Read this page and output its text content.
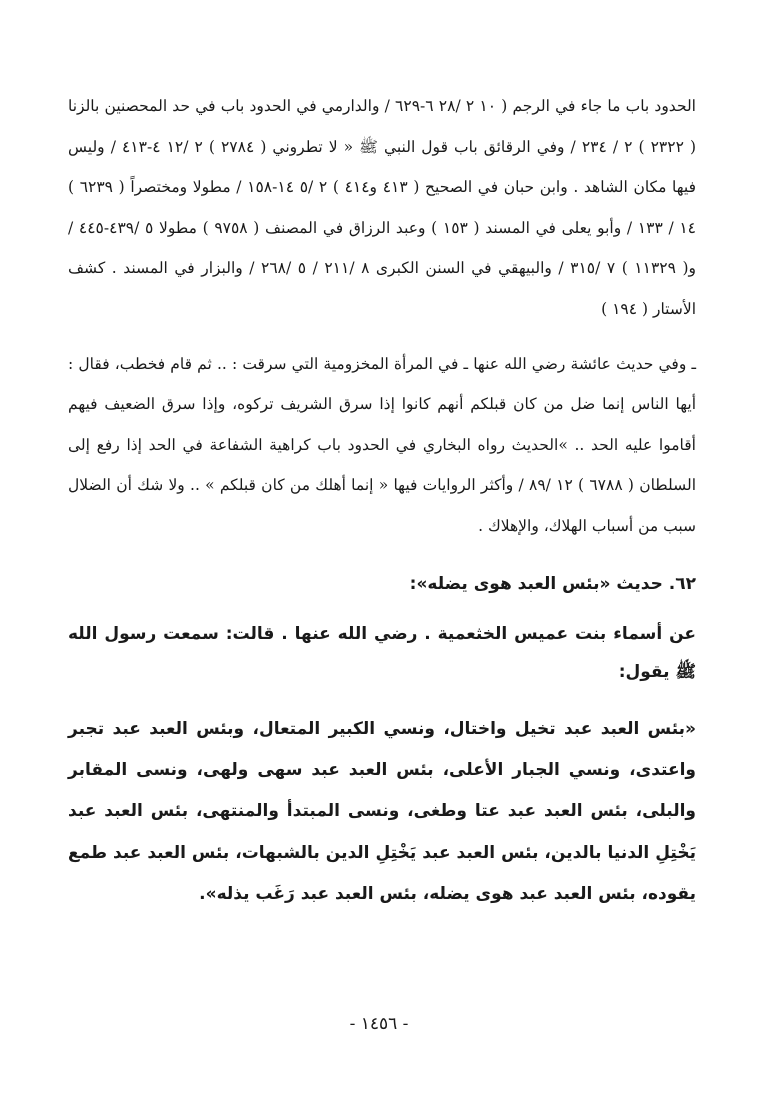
الحدود باب ما جاء في الرجم ( ١٠ ٢ /٢٨ ٦-٦٢٩ / والدارمي في الحدود باب في حد المحصنين بالزنا ( ٢٣٢٢ ) ٢ / ٢٣٤ / وفي الرقائق باب قول النبي ﷺ « لا تطروني ( ٢٧٨٤ ) ٢ /١٢ ٤-٤١٣ / وليس فيها مكان الشاهد . وابن حبان في الصحيح ( ٤١٣ و٤١٤ ) ٢ /٥ ١٤-١٥٨ / مطولا ومختصراً ( ٦٢٣٩ ) ١٤ / ١٣٣ / وأبو يعلى في المسند ( ١٥٣ ) وعبد الرزاق في المصنف ( ٩٧٥٨ ) مطولا ٥ /٤٣٩-٤٤٥ / و( ١١٣٢٩ ) ٧ /٣١٥ / والبيهقي في السنن الكبرى ٨ /٢١١ / ٥ /٢٦٨ / والبزار في المسند . كشف الأستار ( ١٩٤ )

ـ وفي حديث عائشة رضي الله عنها ـ في المرأة المخزومية التي سرقت : .. ثم قام فخطب، فقال : أيها الناس إنما ضل من كان قبلكم أنهم كانوا إذا سرق الشريف تركوه، وإذا سرق الضعيف فيهم أقاموا عليه الحد .. »الحديث رواه البخاري في الحدود باب كراهية الشفاعة في الحد إذا رفع إلى السلطان ( ٦٧٨٨ ) ١٢ /٨٩ / وأكثر الروايات فيها « إنما أهلك من كان قبلكم » .. ولا شك أن الضلال سبب من أسباب الهلاك، والإهلاك .

٦٢. حديث «بئس العبد هوى يضله»:

عن أسماء بنت عميس الخثعمية . رضي الله عنها . قالت: سمعت رسول الله ﷺ يقول:

«بئس العبد عبد تخيل واختال، ونسي الكبير المتعال، وبئس العبد عبد تجبر واعتدى، ونسي الجبار الأعلى، بئس العبد عبد سهى ولهى، ونسى المقابر والبلى، بئس العبد عبد عتا وطغى، ونسى المبتدأ والمنتهى، بئس العبد عبد يَخْتِلِ الدنيا بالدين، بئس العبد عبد يَخْتِلِ الدين بالشبهات، بئس العبد عبد طمع يقوده، بئس العبد عبد هوى يضله، بئس العبد عبد رَغَب يذله».

- ١٤٥٦ -
